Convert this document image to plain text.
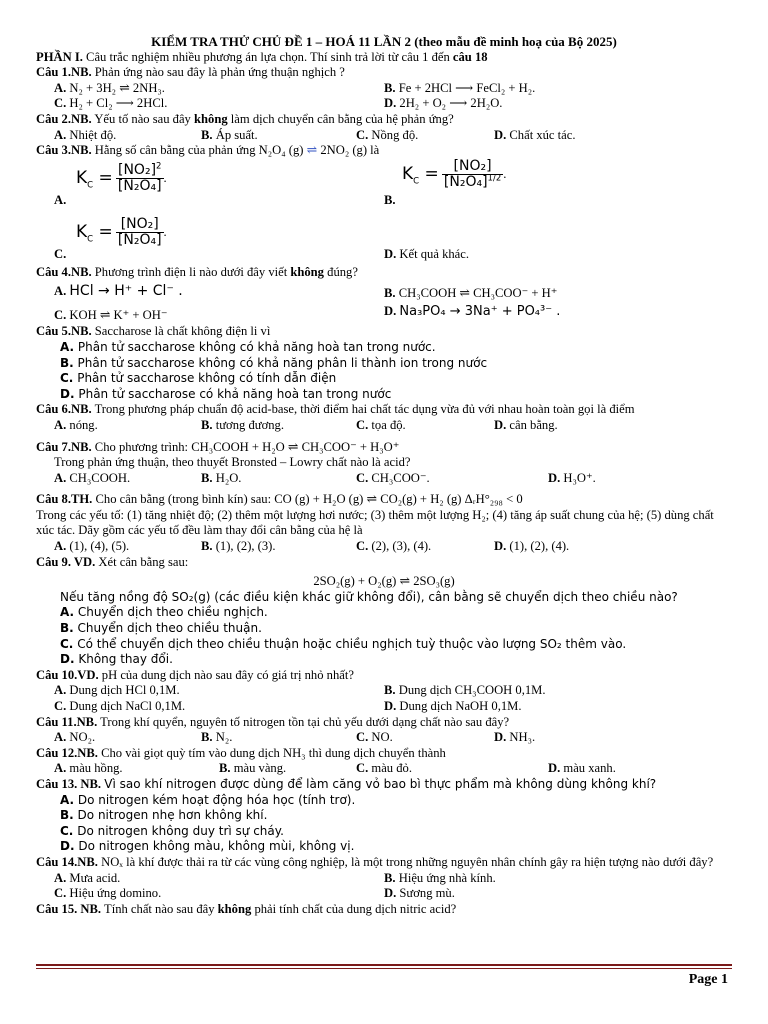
KIỂM TRA THỬ CHỦ ĐỀ 1 – HOÁ 11 LẦN 2 (theo mẫu đề minh hoạ của Bộ 2025)
PHẦN I. Câu trắc nghiệm nhiều phương án lựa chọn. Thí sinh trả lời từ câu 1 đến câu 18
Câu 1.NB. Phản ứng nào sau đây là phản ứng thuận nghịch ?
A. N₂ + 3H₂ ⇌ 2NH₃.	B. Fe + 2HCl ⟶ FeCl₂ + H₂.
C. H₂ + Cl₂ ⟶ 2HCl.	D. 2H₂ + O₂ ⟶ 2H₂O.
Câu 2.NB. Yếu tố nào sau đây không làm dịch chuyển cân bằng của hệ phản ứng?
A. Nhiệt độ.	B. Áp suất.	C. Nồng độ.	D. Chất xúc tác.
Câu 3.NB. Hằng số cân bằng của phản ứng N₂O₄ (g) ⇌ 2NO₂ (g) là
A.
$K_C = \frac{[NO_2]^2}{\text{[N₂O₄]}}$ .
B.
$K_C = \frac{\text{[NO₂]}}{[N_2O_4]^{1/2}}$ .
C.
$K_C = \frac{\text{[NO₂]}}{\text{[N₂O₄]}}$ .
D. Kết quả khác.
Câu 4.NB. Phương trình điện li nào dưới đây viết không đúng?
A. HCl → H⁺ + Cl⁻ .	B. CH₃COOH ⇌ CH₃COO⁻ + H⁺
C. KOH ⇌ K⁺ + OH⁻	D. Na₃PO₄ → 3Na⁺ + PO₄³⁻ .
Câu 5.NB. Saccharose là chất không điện li vì
A. Phân tử saccharose không có khả năng hoà tan trong nước.
B. Phân tử saccharose không có khả năng phân li thành ion trong nước
C. Phân tử saccharose không có tính dẫn điện
D. Phân tử saccharose có khả năng hoà tan trong nước
Câu 6.NB. Trong phương pháp chuẩn độ acid-base, thời điểm hai chất tác dụng vừa đủ với nhau hoàn toàn gọi là điểm
A. nóng.	B. tương đương.	C. tọa độ.	D. cân bằng.
Câu 7.NB. Cho phương trình: CH₃COOH + H₂O ⇌ CH₃COO⁻ + H₃O⁺
Trong phản ứng thuận, theo thuyết Bronsted – Lowry chất nào là acid?
A. CH₃COOH.	B. H₂O.	C. CH₃COO⁻.	D. H₃O⁺.
Câu 8.TH. Cho cân bằng (trong bình kín) sau: CO (g) + H₂O (g) ⇌ CO₂(g) + H₂ (g) ΔᵣH°₂₉₈ < 0
Trong các yếu tố: (1) tăng nhiệt độ; (2) thêm một lượng hơi nước; (3) thêm một lượng H₂; (4) tăng áp suất chung của hệ; (5) dùng chất xúc tác. Dãy gồm các yếu tố đều làm thay đổi cân bằng của hệ là
A. (1), (4), (5).	B. (1), (2), (3).	C. (2), (3), (4).	D. (1), (2), (4).
Câu 9. VD. Xét cân bằng sau:
2SO₂(g) + O₂(g) ⇌ 2SO₃(g)
Nếu tăng nồng độ SO₂(g) (các điều kiện khác giữ không đổi), cân bằng sẽ chuyển dịch theo chiều nào?
A. Chuyển dịch theo chiều nghịch.
B. Chuyển dịch theo chiều thuận.
C. Có thể chuyển dịch theo chiều thuận hoặc chiều nghịch tuỳ thuộc vào lượng SO₂ thêm vào.
D. Không thay đổi.
Câu 10.VD. pH của dung dịch nào sau đây có giá trị nhỏ nhất?
A. Dung dịch HCl 0,1M.	B. Dung dịch CH₃COOH 0,1M.
C. Dung dịch NaCl 0,1M.	D. Dung dịch NaOH 0,1M.
Câu 11.NB. Trong khí quyển, nguyên tố nitrogen tồn tại chủ yếu dưới dạng chất nào sau đây?
A. NO₂.	B. N₂.	C. NO.	D. NH₃.
Câu 12.NB. Cho vài giọt quỳ tím vào dung dịch NH₃ thì dung dịch chuyển thành
A. màu hồng.	B. màu vàng.	C. màu đỏ.	D. màu xanh.
Câu 13. NB. Vì sao khí nitrogen được dùng để làm căng vỏ bao bì thực phẩm mà không dùng không khí?
A. Do nitrogen kém hoạt động hóa học (tính trơ).
B. Do nitrogen nhẹ hơn không khí.
C. Do nitrogen không duy trì sự cháy.
D. Do nitrogen không màu, không mùi, không vị.
Câu 14.NB. NOₓ là khí được thải ra từ các vùng công nghiệp, là một trong những nguyên nhân chính gây ra hiện tượng nào dưới đây?
A. Mưa acid.	B. Hiệu ứng nhà kính.
C. Hiệu ứng domino.	D. Sương mù.
Câu 15. NB. Tính chất nào sau đây không phải tính chất của dung dịch nitric acid?
Page 1
